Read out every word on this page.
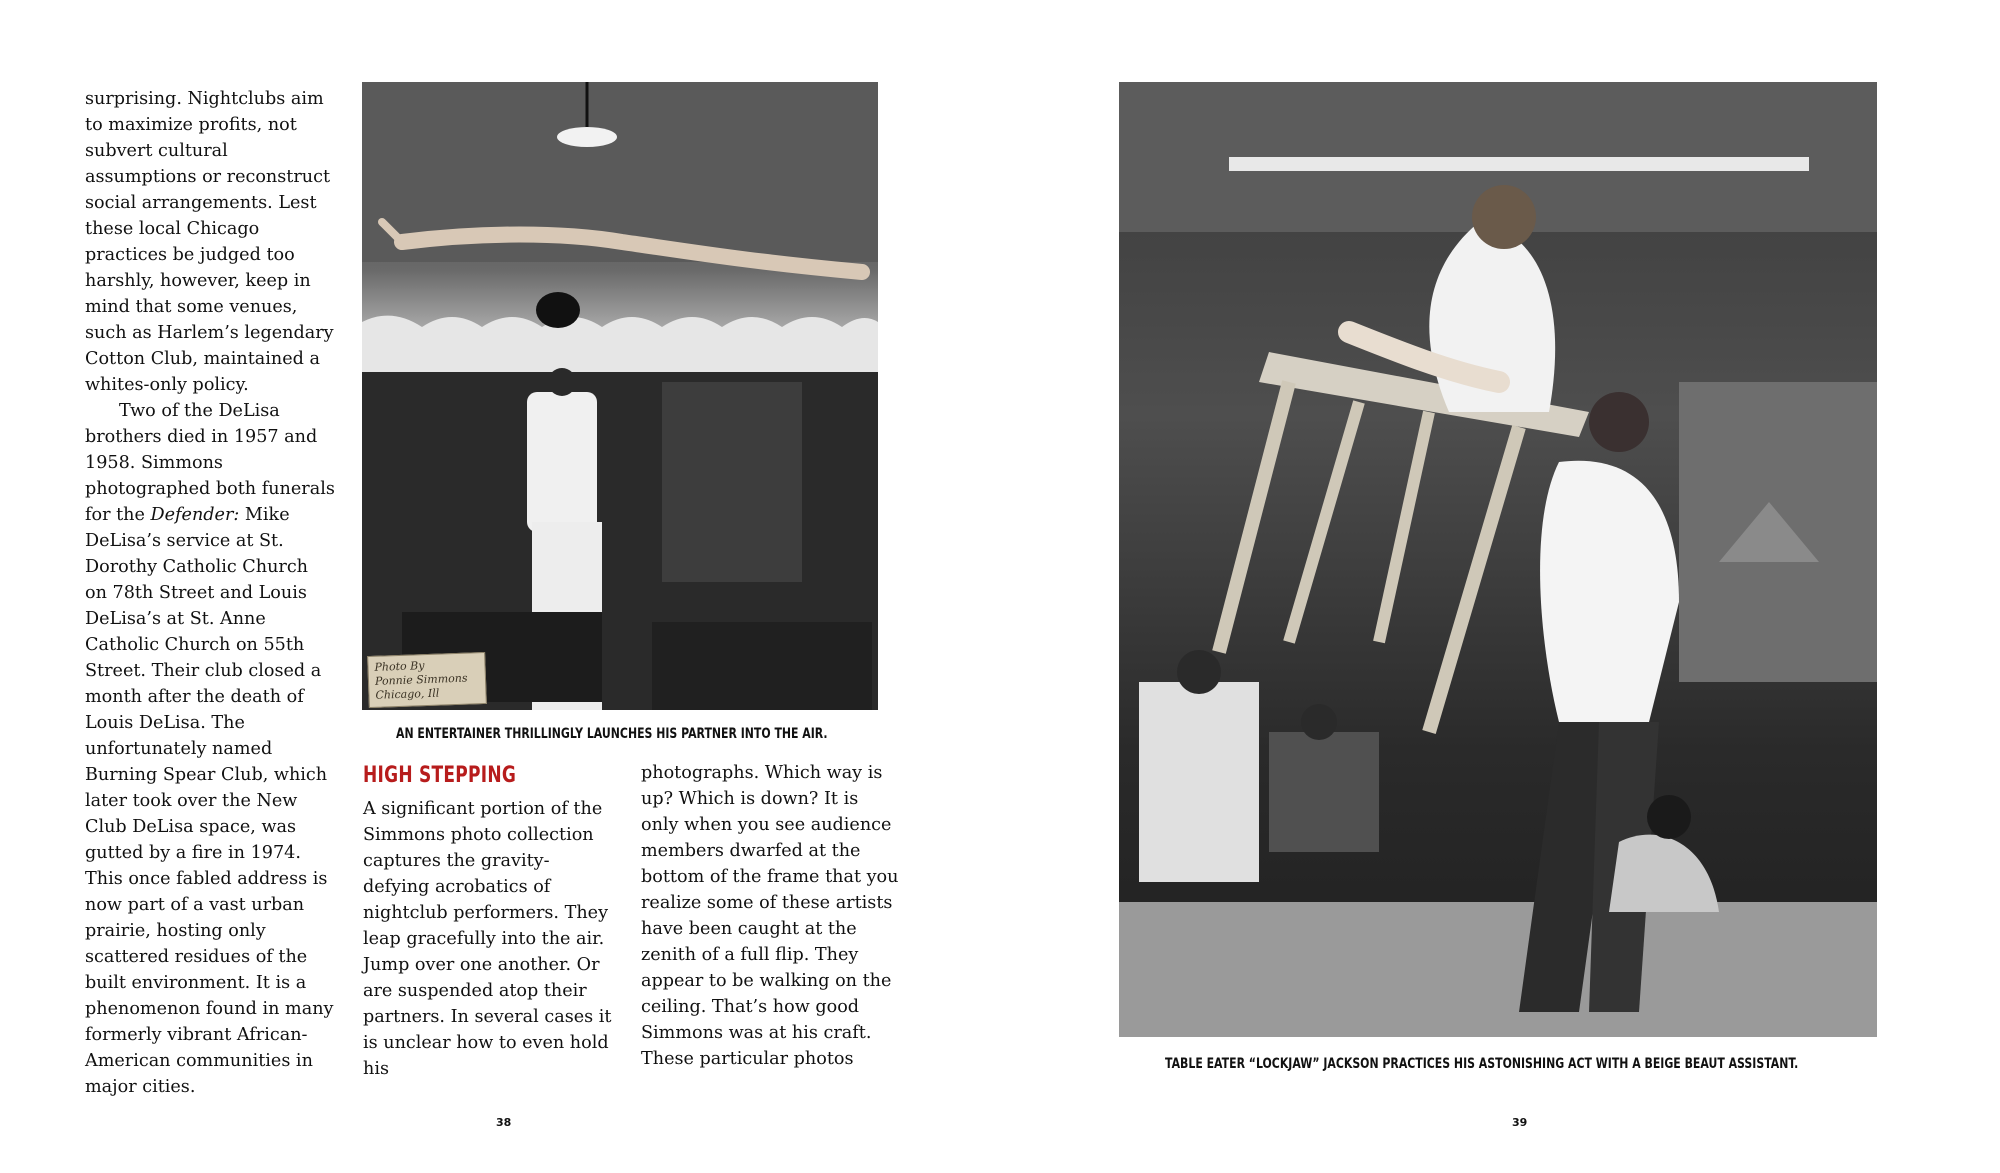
surprising. Nightclubs aim to maximize profits, not subvert cultural assumptions or reconstruct social arrangements. Lest these local Chicago practices be judged too harshly, however, keep in mind that some venues, such as Harlem’s legendary Cotton Club, maintained a whites-only policy.

Two of the DeLisa brothers died in 1957 and 1958. Simmons photographed both funerals for the Defender: Mike DeLisa’s service at St. Dorothy Catholic Church on 78th Street and Louis DeLisa’s at St. Anne Catholic Church on 55th Street. Their club closed a month after the death of Louis DeLisa. The unfortunately named Burning Spear Club, which later took over the New Club DeLisa space, was gutted by a fire in 1974. This once fabled address is now part of a vast urban prairie, hosting only scattered residues of the built environment. It is a phenomenon found in many formerly vibrant African-American communities in major cities.

Photo By
Ponnie Simmons
Chicago, Ill
AN ENTERTAINER THRILLINGLY LAUNCHES HIS PARTNER INTO THE AIR.
HIGH STEPPING

A significant portion of the Simmons photo collection captures the gravity-defying acrobatics of nightclub performers. They leap gracefully into the air. Jump over one another. Or are suspended atop their partners. In several cases it is unclear how to even hold his

photographs. Which way is up? Which is down? It is only when you see audience members dwarfed at the bottom of the frame that you realize some of these artists have been caught at the zenith of a full flip. They appear to be walking on the ceiling. That’s how good Simmons was at his craft. These particular photos

38
TABLE EATER “LOCKJAW” JACKSON PRACTICES HIS ASTONISHING ACT WITH A BEIGE BEAUT ASSISTANT.
39
